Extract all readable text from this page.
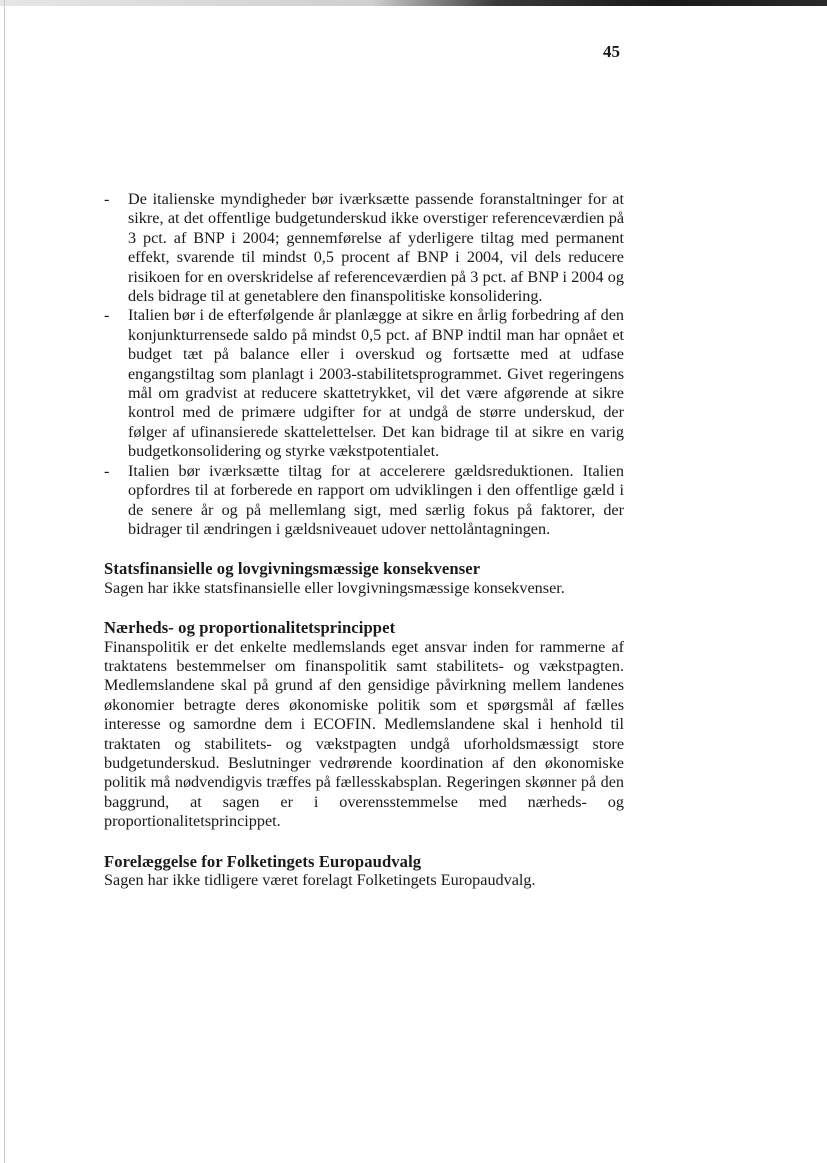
45
- De italienske myndigheder bør iværksætte passende foranstaltninger for at sikre, at det offentlige budgetunderskud ikke overstiger referenceværdien på 3 pct. af BNP i 2004; gennemførelse af yderligere tiltag med permanent effekt, svarende til mindst 0,5 procent af BNP i 2004, vil dels reducere risikoen for en overskridelse af referenceværdien på 3 pct. af BNP i 2004 og dels bidrage til at genetablere den finanspolitiske konsolidering.
- Italien bør i de efterfølgende år planlægge at sikre en årlig forbedring af den konjunkturrensede saldo på mindst 0,5 pct. af BNP indtil man har opnået et budget tæt på balance eller i overskud og fortsætte med at udfase engangstiltag som planlagt i 2003-stabilitetsprogrammet. Givet regeringens mål om gradvist at reducere skattetrykket, vil det være afgørende at sikre kontrol med de primære udgifter for at undgå de større underskud, der følger af ufinansierede skattelettelser. Det kan bidrage til at sikre en varig budgetkonsolidering og styrke vækstpotentialet.
- Italien bør iværksætte tiltag for at accelerere gældsreduktionen. Italien opfordres til at forberede en rapport om udviklingen i den offentlige gæld i de senere år og på mellemlang sigt, med særlig fokus på faktorer, der bidrager til ændringen i gældsniveauet udover nettolåntagningen.
Statsfinansielle og lovgivningsmæssige konsekvenser

Sagen har ikke statsfinansielle eller lovgivningsmæssige konsekvenser.

Nærheds- og proportionalitetsprincippet

Finanspolitik er det enkelte medlemslands eget ansvar inden for rammerne af traktatens bestemmelser om finanspolitik samt stabilitets- og vækstpagten. Medlemslandene skal på grund af den gensidige påvirkning mellem landenes økonomier betragte deres økonomiske politik som et spørgsmål af fælles interesse og samordne dem i ECOFIN. Medlemslandene skal i henhold til traktaten og stabilitets- og vækstpagten undgå uforholdsmæssigt store budgetunderskud. Beslutninger vedrørende koordination af den økonomiske politik må nødvendigvis træffes på fællesskabsplan. Regeringen skønner på den baggrund, at sagen er i overensstemmelse med nærheds- og proportionalitetsprincippet.

Forelæggelse for Folketingets Europaudvalg

Sagen har ikke tidligere været forelagt Folketingets Europaudvalg.
